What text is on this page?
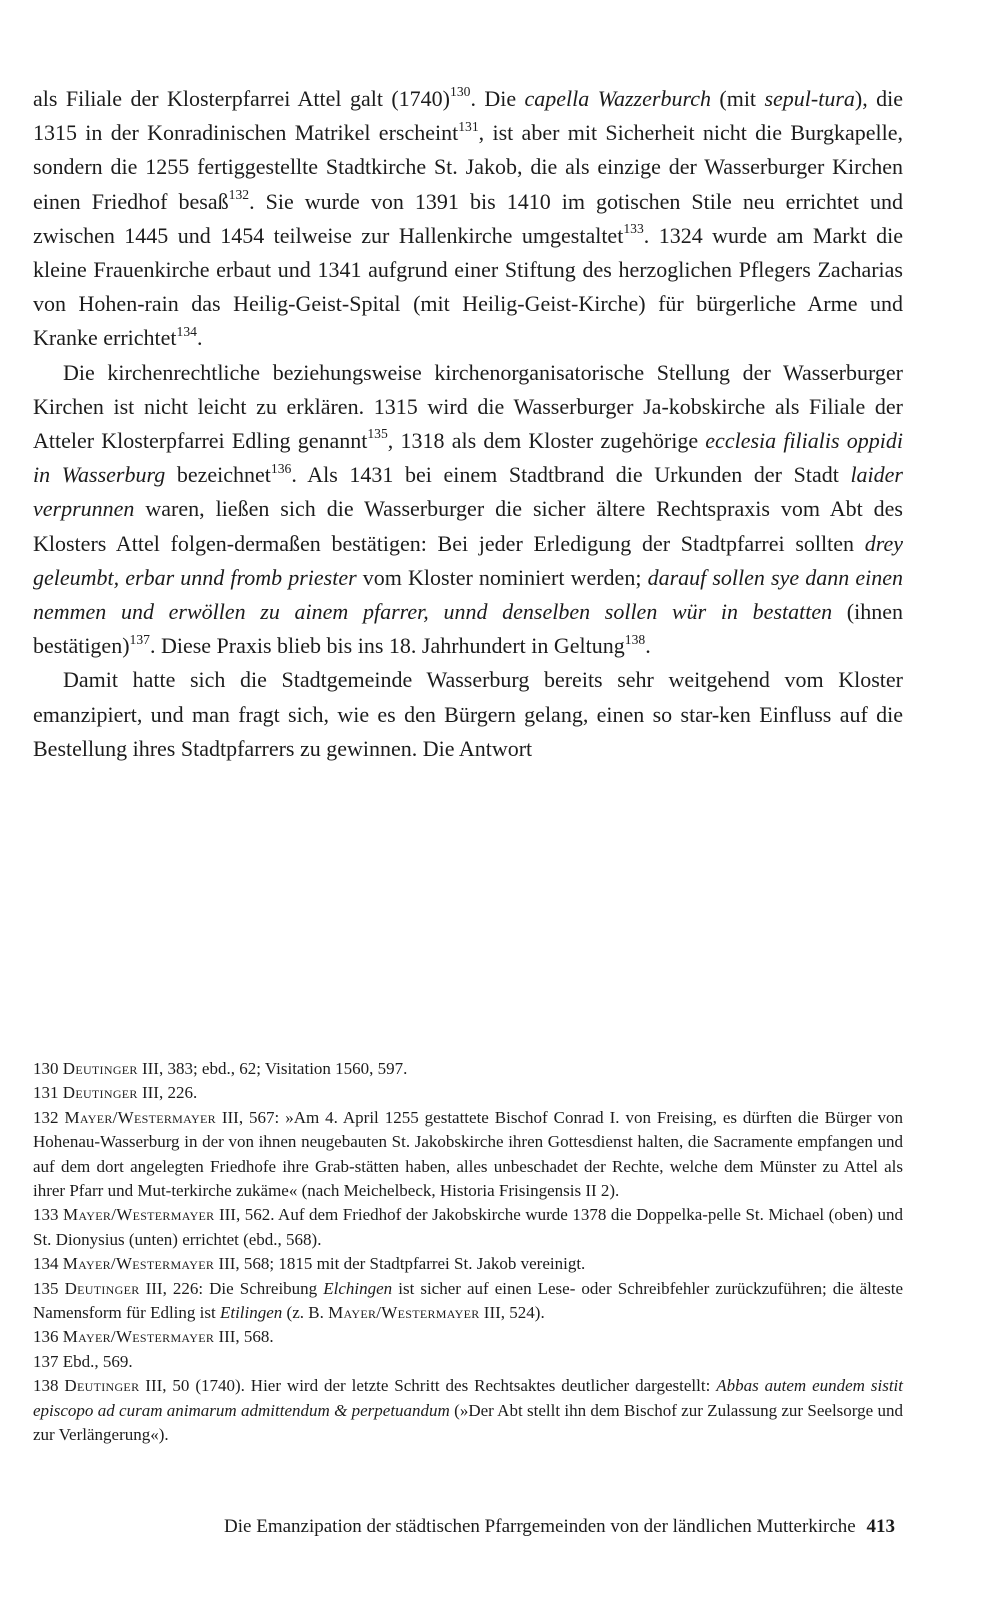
als Filiale der Klosterpfarrei Attel galt $(1740)^{130}$. Die capella Wazzerburch (mit sepul-tura), die 1315 in der Konradinischen Matrikel erscheint$^{131}$, ist aber mit Sicherheit nicht die Burgkapelle, sondern die 1255 fertiggestellte Stadtkirche St. Jakob, die als einzige der Wasserburger Kirchen einen Friedhof besaß$^{132}$. Sie wurde von 1391 bis 1410 im gotischen Stile neu errichtet und zwischen 1445 und 1454 teilweise zur Hallenkirche umgestaltet$^{133}$. 1324 wurde am Markt die kleine Frauenkirche erbaut und 1341 aufgrund einer Stiftung des herzoglichen Pflegers Zacharias von Hohen-rain das Heilig-Geist-Spital (mit Heilig-Geist-Kirche) für bürgerliche Arme und Kranke errichtet$^{134}$.

Die kirchenrechtliche beziehungsweise kirchenorganisatorische Stellung der Wasserburger Kirchen ist nicht leicht zu erklären. 1315 wird die Wasserburger Ja-kobskirche als Filiale der Atteler Klosterpfarrei Edling genannt$^{135}$, 1318 als dem Kloster zugehörige ecclesia filialis oppidi in Wasserburg bezeichnet$^{136}$. Als 1431 bei einem Stadtbrand die Urkunden der Stadt laider verprunnen waren, ließen sich die Wasserburger die sicher ältere Rechtspraxis vom Abt des Klosters Attel folgen-dermaßen bestätigen: Bei jeder Erledigung der Stadtpfarrei sollten drey geleumbt, erbar unnd fromb priester vom Kloster nominiert werden; darauf sollen sye dann einen nemmen und erwöllen zu ainem pfarrer, unnd denselben sollen wür in bestatten (ihnen bestätigen)$^{137}$. Diese Praxis blieb bis ins 18. Jahrhundert in Geltung$^{138}$.

Damit hatte sich die Stadtgemeinde Wasserburg bereits sehr weitgehend vom Kloster emanzipiert, und man fragt sich, wie es den Bürgern gelang, einen so star-ken Einfluss auf die Bestellung ihres Stadtpfarrers zu gewinnen. Die Antwort

130 Deutinger III, 383; ebd., 62; Visitation 1560, 597.

131 Deutinger III, 226.

132 Mayer/Westermayer III, 567: »Am 4. April 1255 gestattete Bischof Conrad I. von Freising, es dürften die Bürger von Hohenau-Wasserburg in der von ihnen neugebauten St. Jakobskirche ihren Gottesdienst halten, die Sacramente empfangen und auf dem dort angelegten Friedhofe ihre Grab-stätten haben, alles unbeschadet der Rechte, welche dem Münster zu Attel als ihrer Pfarr und Mut-terkirche zukäme« (nach Meichelbeck, Historia Frisingensis II 2).

133 Mayer/Westermayer III, 562. Auf dem Friedhof der Jakobskirche wurde 1378 die Doppelka-pelle St. Michael (oben) und St. Dionysius (unten) errichtet (ebd., 568).

134 Mayer/Westermayer III, 568; 1815 mit der Stadtpfarrei St. Jakob vereinigt.

135 Deutinger III, 226: Die Schreibung Elchingen ist sicher auf einen Lese- oder Schreibfehler zurückzuführen; die älteste Namensform für Edling ist Etilingen (z. B. Mayer/Westermayer III, 524).

136 Mayer/Westermayer III, 568.

137 Ebd., 569.

138 Deutinger III, 50 (1740). Hier wird der letzte Schritt des Rechtsaktes deutlicher dargestellt: Abbas autem eundem sistit episcopo ad curam animarum admittendum & perpetuandum (»Der Abt stellt ihn dem Bischof zur Zulassung zur Seelsorge und zur Verlängerung«).

Die Emanzipation der städtischen Pfarrgemeinden von der ländlichen Mutterkirche 413
